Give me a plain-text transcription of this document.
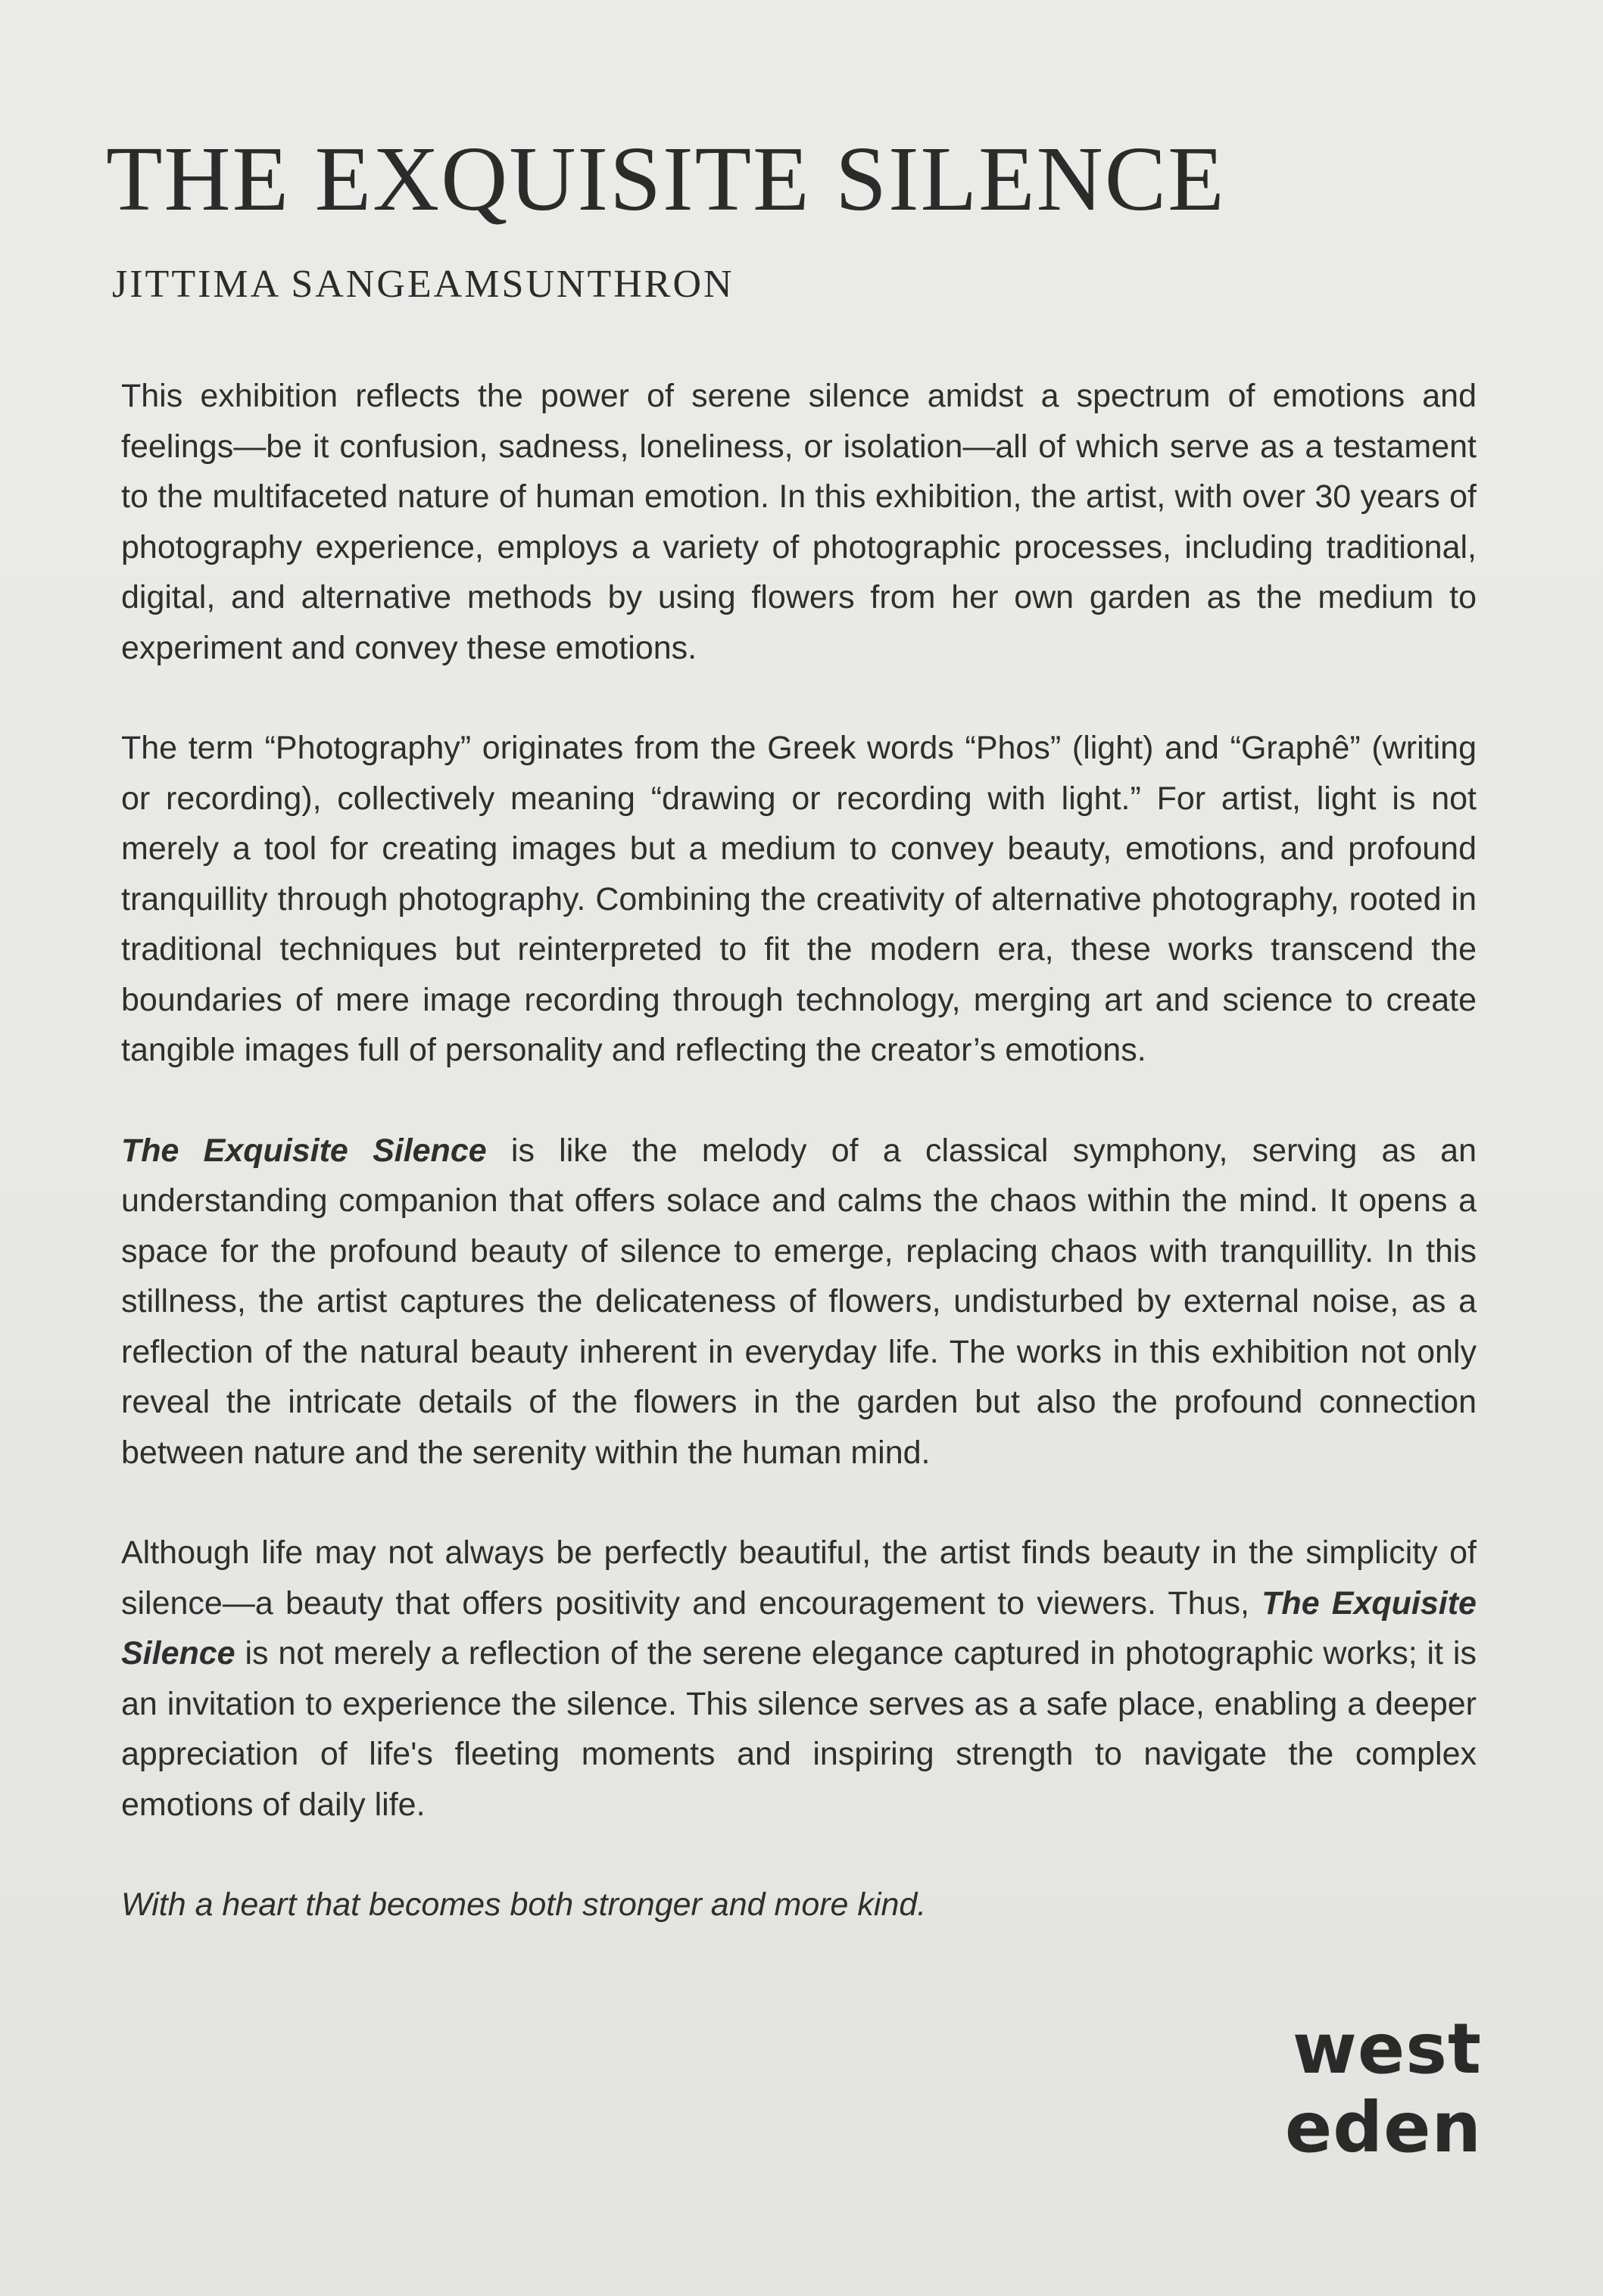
THE EXQUISITE SILENCE
JITTIMA SANGEAMSUNTHRON

This exhibition reflects the power of serene silence amidst a spectrum of emotions and feelings—be it confusion, sadness, loneliness, or isolation—all of which serve as a testament to the multifaceted nature of human emotion. In this exhibition, the artist, with over 30 years of photography experience, employs a variety of photographic processes, including traditional, digital, and alternative methods by using flowers from her own garden as the medium to experiment and convey these emotions.

The term “Photography” originates from the Greek words “Phos” (light) and “Graphê” (writing or recording), collectively meaning “drawing or recording with light.” For artist, light is not merely a tool for creating images but a medium to convey beauty, emotions, and profound tranquillity through photography. Combining the creativity of alternative photography, rooted in traditional techniques but reinterpreted to fit the modern era, these works transcend the boundaries of mere image recording through technology, merging art and science to create tangible images full of personality and reflecting the creator’s emotions.

The Exquisite Silence is like the melody of a classical symphony, serving as an understanding companion that offers solace and calms the chaos within the mind. It opens a space for the profound beauty of silence to emerge, replacing chaos with tranquillity. In this stillness, the artist captures the delicateness of flowers, undisturbed by external noise, as a reflection of the natural beauty inherent in everyday life. The works in this exhibition not only reveal the intricate details of the flowers in the garden but also the profound connection between nature and the serenity within the human mind.

Although life may not always be perfectly beautiful, the artist finds beauty in the simplicity of silence—a beauty that offers positivity and encouragement to viewers. Thus, The Exquisite Silence is not merely a reflection of the serene elegance captured in photographic works; it is an invitation to experience the silence. This silence serves as a safe place, enabling a deeper appreciation of life's fleeting moments and inspiring strength to navigate the complex emotions of daily life.

With a heart that becomes both stronger and more kind.

west
eden
